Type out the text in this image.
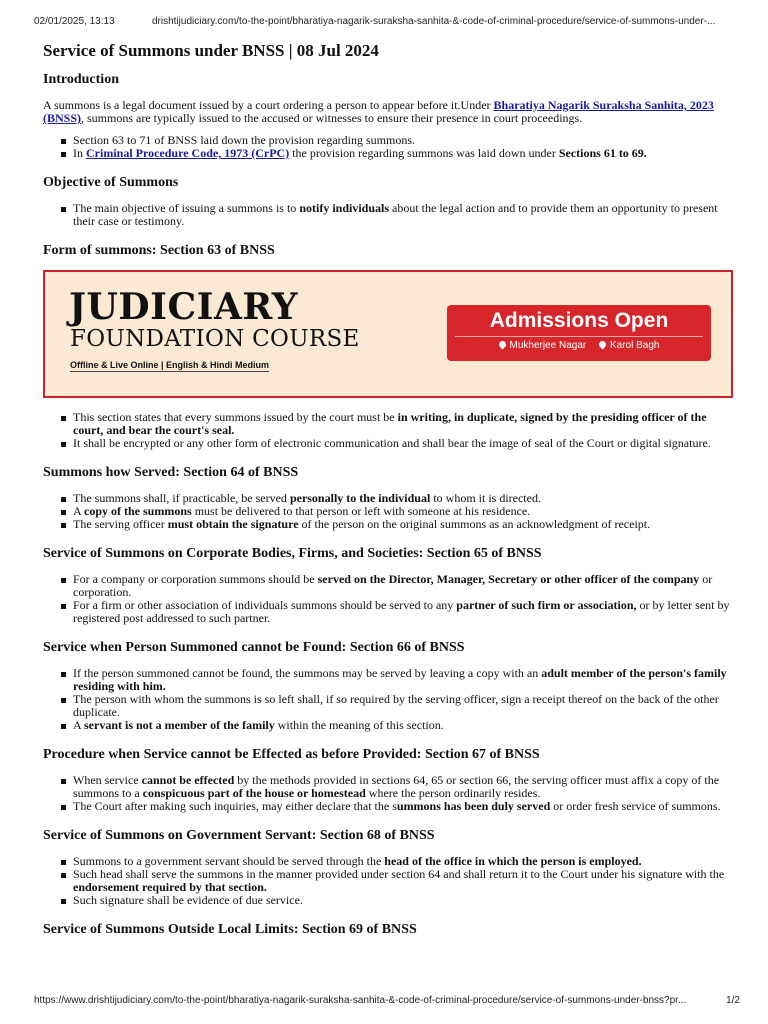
02/01/2025, 13:13	drishtijudiciary.com/to-the-point/bharatiya-nagarik-suraksha-sanhita-&-code-of-criminal-procedure/service-of-summons-under-...
Service of Summons under BNSS | 08 Jul 2024
Introduction

A summons is a legal document issued by a court ordering a person to appear before it.Under Bharatiya Nagarik Suraksha Sanhita, 2023 (BNSS), summons are typically issued to the accused or witnesses to ensure their presence in court proceedings.

Section 63 to 71 of BNSS laid down the provision regarding summons.
In Criminal Procedure Code, 1973 (CrPC) the provision regarding summons was laid down under Sections 61 to 69.
Objective of Summons
The main objective of issuing a summons is to notify individuals about the legal action and to provide them an opportunity to present their case or testimony.
Form of summons: Section 63 of BNSS
JUDICIARY
FOUNDATION COURSE
Offline & Live Online | English & Hindi Medium
Admissions Open
Mukherjee Nagar Karol Bagh
This section states that every summons issued by the court must be in writing, in duplicate, signed by the presiding officer of the court, and bear the court's seal.
It shall be encrypted or any other form of electronic communication and shall bear the image of seal of the Court or digital signature.
Summons how Served: Section 64 of BNSS
The summons shall, if practicable, be served personally to the individual to whom it is directed.
A copy of the summons must be delivered to that person or left with someone at his residence.
The serving officer must obtain the signature of the person on the original summons as an acknowledgment of receipt.
Service of Summons on Corporate Bodies, Firms, and Societies: Section 65 of BNSS
For a company or corporation summons should be served on the Director, Manager, Secretary or other officer of the company or corporation.
For a firm or other association of individuals summons should be served to any partner of such firm or association, or by letter sent by registered post addressed to such partner.
Service when Person Summoned cannot be Found: Section 66 of BNSS
If the person summoned cannot be found, the summons may be served by leaving a copy with an adult member of the person's family residing with him.
The person with whom the summons is so left shall, if so required by the serving officer, sign a receipt thereof on the back of the other duplicate.
A servant is not a member of the family within the meaning of this section.
Procedure when Service cannot be Effected as before Provided: Section 67 of BNSS
When service cannot be effected by the methods provided in sections 64, 65 or section 66, the serving officer must affix a copy of the summons to a conspicuous part of the house or homestead where the person ordinarily resides.
The Court after making such inquiries, may either declare that the summons has been duly served or order fresh service of summons.
Service of Summons on Government Servant: Section 68 of BNSS
Summons to a government servant should be served through the head of the office in which the person is employed.
Such head shall serve the summons in the manner provided under section 64 and shall return it to the Court under his signature with the endorsement required by that section.
Such signature shall be evidence of due service.
Service of Summons Outside Local Limits: Section 69 of BNSS
https://www.drishtijudiciary.com/to-the-point/bharatiya-nagarik-suraksha-sanhita-&-code-of-criminal-procedure/service-of-summons-under-bnss?pr...	1/2
